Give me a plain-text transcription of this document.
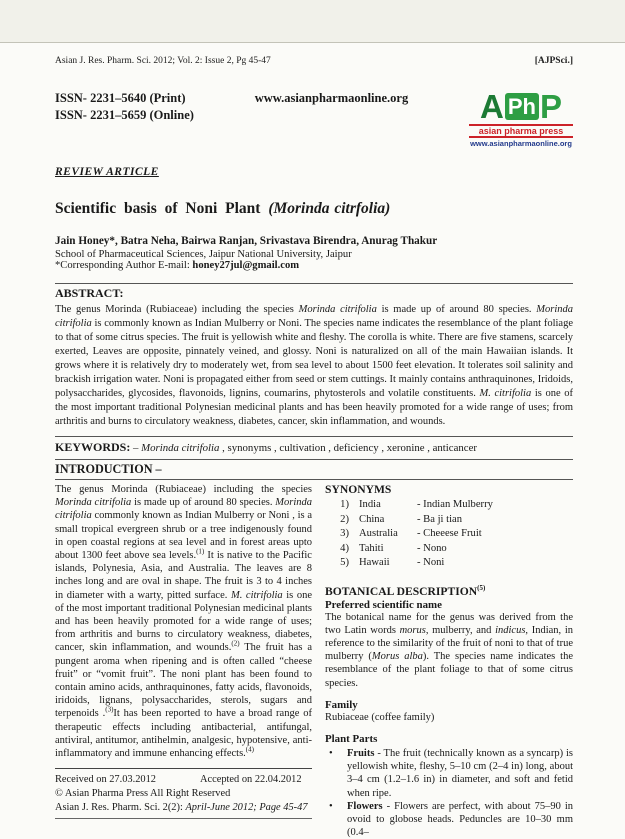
Asian J. Res. Pharm. Sci. 2012; Vol. 2: Issue 2, Pg 45-47	[AJPSci.]
ISSN- 2231–5640 (Print)
ISSN- 2231–5659 (Online)
www.asianpharmaonline.org	A Ph P
asian pharma press
www.asianpharmaonline.org
REVIEW ARTICLE
Scientific basis of Noni Plant (Morinda citrfolia)
Jain Honey*, Batra Neha, Bairwa Ranjan, Srivastava Birendra, Anurag Thakur
School of Pharmaceutical Sciences, Jaipur National University, Jaipur
*Corresponding Author E-mail: honey27jul@gmail.com
ABSTRACT:
The genus Morinda (Rubiaceae) including the species Morinda citrifolia is made up of around 80 species. Morinda citrifolia is commonly known as Indian Mulberry or Noni. The species name indicates the resemblance of the plant foliage to that of some citrus species. The fruit is yellowish white and fleshy. The corolla is white. There are five stamens, scarcely exerted, Leaves are opposite, pinnately veined, and glossy. Noni is naturalized on all of the main Hawaiian islands. It grows where it is relatively dry to moderately wet, from sea level to about 1500 feet elevation. It tolerates soil salinity and brackish irrigation water. Noni is propagated either from seed or stem cuttings. It mainly contains anthraquinones, Iridoids, polysaccharides, glycosides, flavonoids, lignins, coumarins, phytosterols and volatile constituents. M. citrifolia is one of the most important traditional Polynesian medicinal plants and has been heavily promoted for a wide range of uses; from arthritis and burns to circulatory weakness, diabetes, cancer, skin inflammation, and wounds.
KEYWORDS: – Morinda citrifolia , synonyms , cultivation , deficiency , xeronine , anticancer
INTRODUCTION –
The genus Morinda (Rubiaceae) including the species Morinda citrifolia is made up of around 80 species. Morinda citrifolia commonly known as Indian Mulberry or Noni , is a small tropical evergreen shrub or a tree indigenously found in open coastal regions at sea level and in forest areas upto about 1300 feet above sea levels.$^{(1)}$ It is native to the Pacific islands, Polynesia, Asia, and Australia. The leaves are 8 inches long and are oval in shape. The fruit is 3 to 4 inches in diameter with a warty, pitted surface. M. citrifolia is one of the most important traditional Polynesian medicinal plants and has been heavily promoted for a wide range of uses; from arthritis and burns to circulatory weakness, diabetes, cancer, skin inflammation, and wounds.$^{(2)}$ The fruit has a pungent aroma when ripening and is often called “cheese fruit” or “vomit fruit”. The noni plant has been found to contain amino acids, anthraquinones, fatty acids, flavonoids, iridoids, lignans, polysaccharides, sterols, sugars and terpenoids .$^{(3)}$It has been reported to have a broad range of therapeutic effects including antibacterial, antifungal, antiviral, antitumor, antihelmin, analgesic, hypotensive, anti-inflammatory and immune enhancing effects.$^{(4)}$
Received on 27.03.2012	Accepted on 22.04.2012
© Asian Pharma Press All Right Reserved
Asian J. Res. Pharm. Sci. 2(2): April-June 2012; Page 45-47
SYNONYMS
1) India	- Indian Mulberry
2) China	- Ba ji tian
3) Australia	- Cheeese Fruit
4) Tahiti	- Nono
5) Hawaii	- Noni
BOTANICAL DESCRIPTION$^{(5)}$
Preferred scientific name
The botanical name for the genus was derived from the two Latin words morus, mulberry, and indicus, Indian, in reference to the similarity of the fruit of noni to that of true mulberry (Morus alba). The species name indicates the resemblance of the plant foliage to that of some citrus species.
Family
Rubiaceae (coffee family)
Plant Parts
• Fruits - The fruit (technically known as a syncarp) is yellowish white, fleshy, 5–10 cm (2–4 in) long, about 3–4 cm (1.2–1.6 in) in diameter, and soft and fetid when ripe.
• Flowers - Flowers are perfect, with about 75–90 in ovoid to globose heads. Peduncles are 10–30 mm (0.4–
